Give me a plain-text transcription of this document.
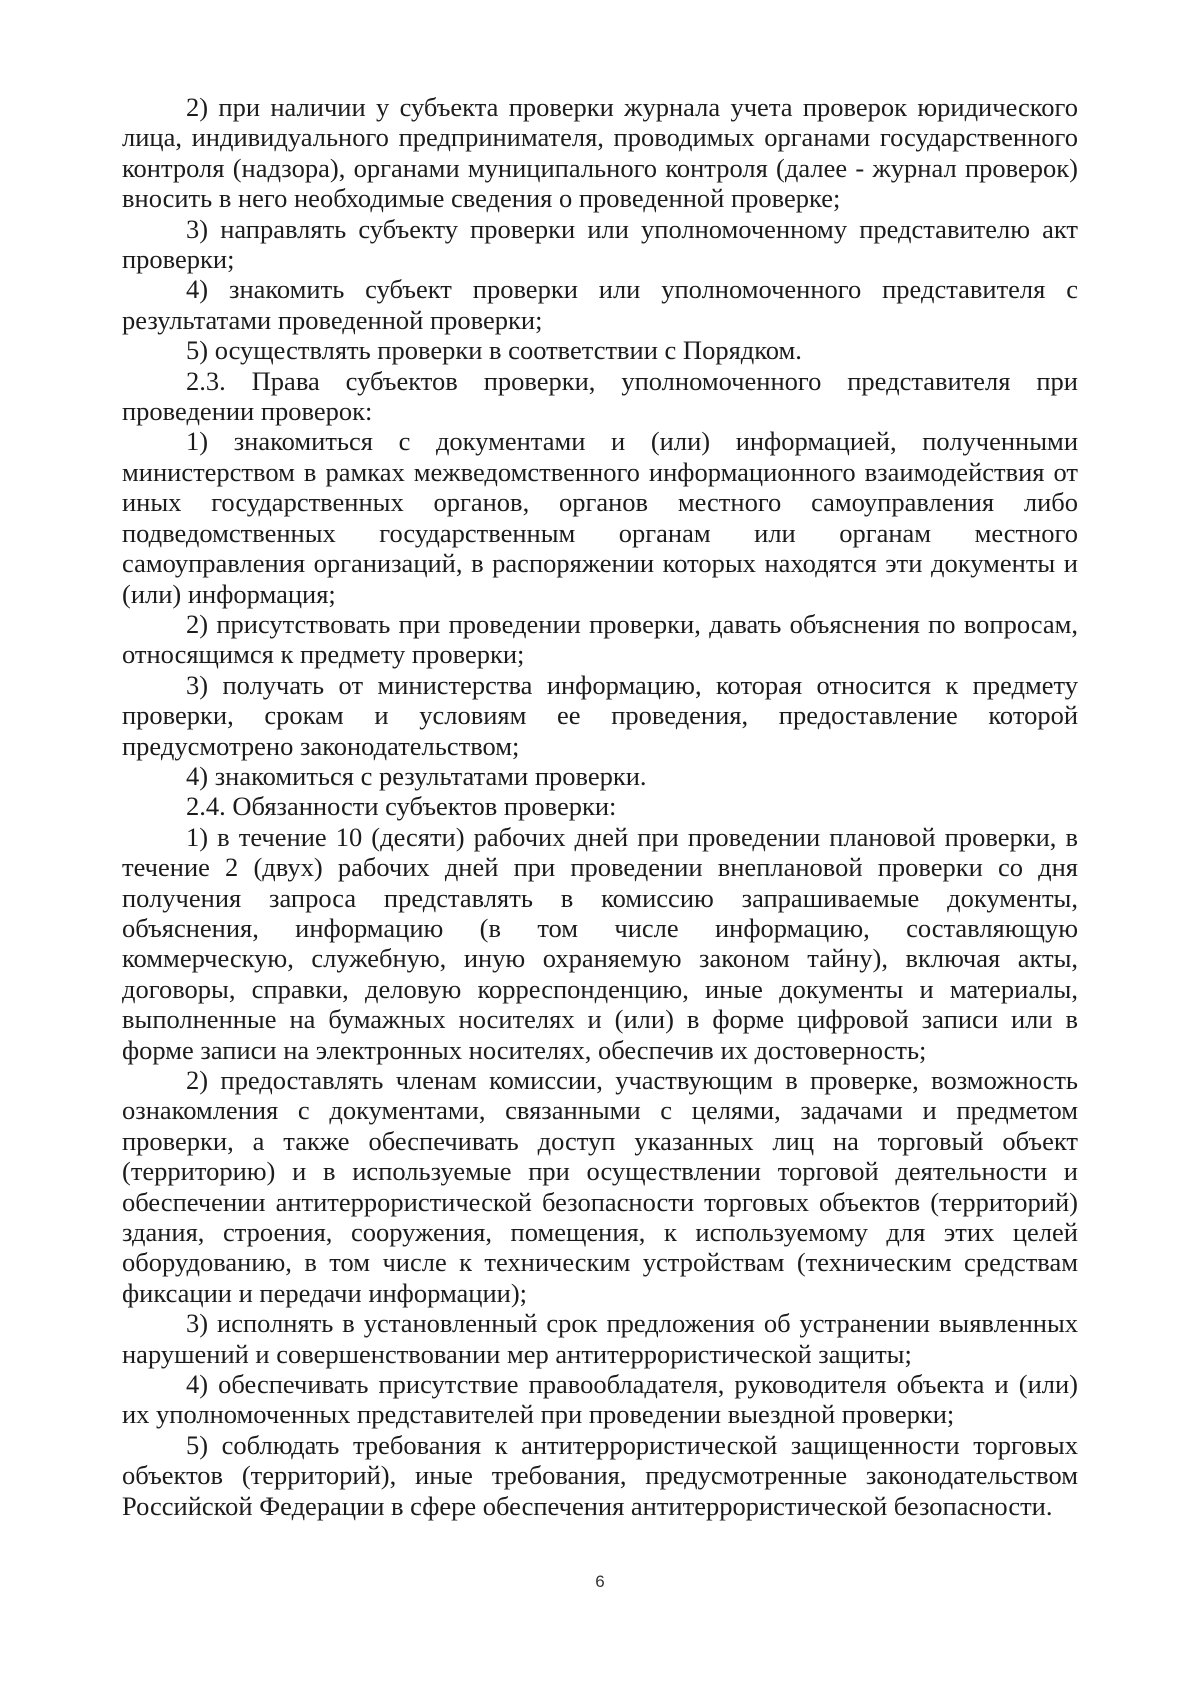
2) при наличии у субъекта проверки журнала учета проверок юридического лица, индивидуального предпринимателя, проводимых органами государственного контроля (надзора), органами муниципального контроля (далее - журнал проверок) вносить в него необходимые сведения о проведенной проверке;

3) направлять субъекту проверки или уполномоченному представителю акт проверки;

4) знакомить субъект проверки или уполномоченного представителя с результатами проведенной проверки;

5) осуществлять проверки в соответствии с Порядком.

2.3. Права субъектов проверки, уполномоченного представителя при проведении проверок:

1) знакомиться с документами и (или) информацией, полученными министерством в рамках межведомственного информационного взаимодействия от иных государственных органов, органов местного самоуправления либо подведомственных государственным органам или органам местного самоуправления организаций, в распоряжении которых находятся эти документы и (или) информация;

2) присутствовать при проведении проверки, давать объяснения по вопросам, относящимся к предмету проверки;

3) получать от министерства информацию, которая относится к предмету проверки, срокам и условиям ее проведения, предоставление которой предусмотрено законодательством;

4) знакомиться с результатами проверки.

2.4. Обязанности субъектов проверки:

1) в течение 10 (десяти) рабочих дней при проведении плановой проверки, в течение 2 (двух) рабочих дней при проведении внеплановой проверки со дня получения запроса представлять в комиссию запрашиваемые документы, объяснения, информацию (в том числе информацию, составляющую коммерческую, служебную, иную охраняемую законом тайну), включая акты, договоры, справки, деловую корреспонденцию, иные документы и материалы, выполненные на бумажных носителях и (или) в форме цифровой записи или в форме записи на электронных носителях, обеспечив их достоверность;

2) предоставлять членам комиссии, участвующим в проверке, возможность ознакомления с документами, связанными с целями, задачами и предметом проверки, а также обеспечивать доступ указанных лиц на торговый объект (территорию) и в используемые при осуществлении торговой деятельности и обеспечении антитеррористической безопасности торговых объектов (территорий) здания, строения, сооружения, помещения, к используемому для этих целей оборудованию, в том числе к техническим устройствам (техническим средствам фиксации и передачи информации);

3) исполнять в установленный срок предложения об устранении выявленных нарушений и совершенствовании мер антитеррористической защиты;

4) обеспечивать присутствие правообладателя, руководителя объекта и (или) их уполномоченных представителей при проведении выездной проверки;

5) соблюдать требования к антитеррористической защищенности торговых объектов (территорий), иные требования, предусмотренные законодательством Российской Федерации в сфере обеспечения антитеррористической безопасности.

6
